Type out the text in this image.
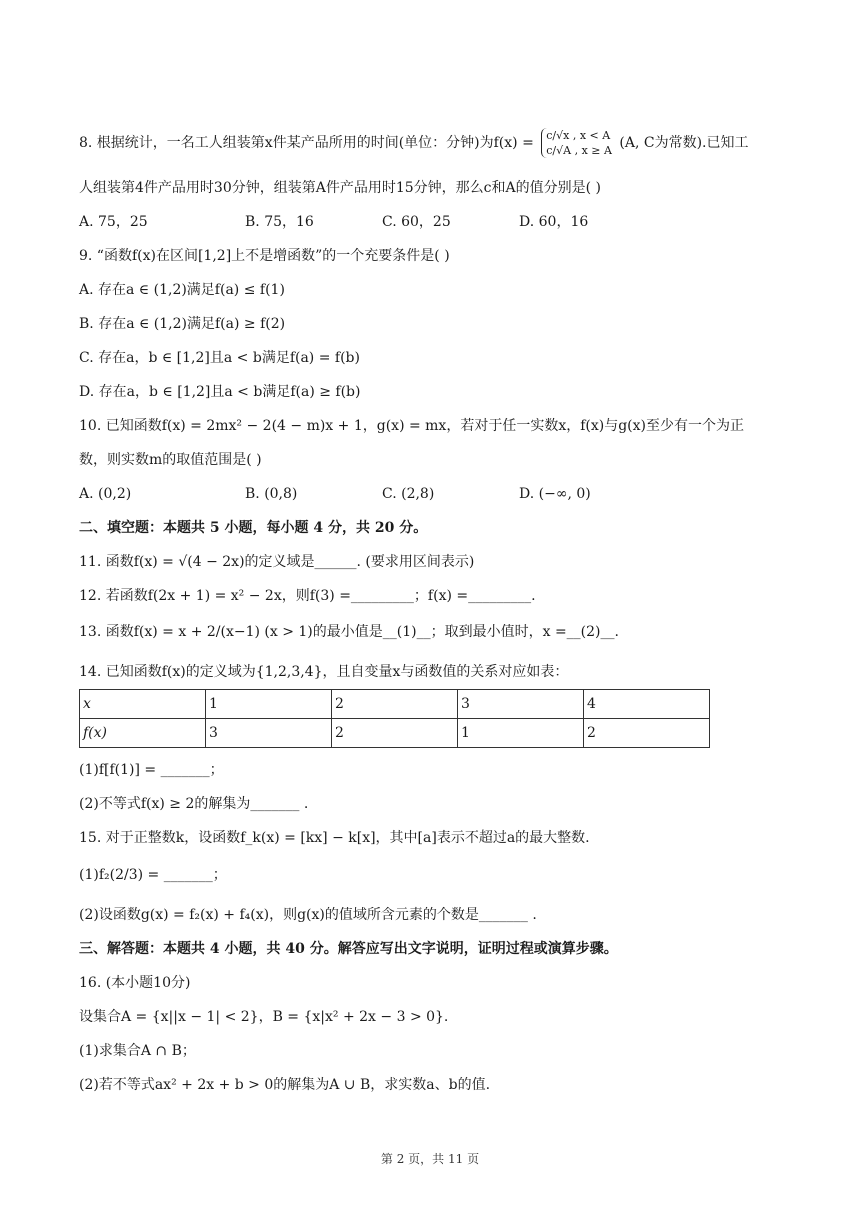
8. 根据统计，一名工人组装第x件某产品所用的时间(单位：分钟)为f(x) = c/√x , x < A
c/√A , x ≥ A (A, C为常数).已知工
人组装第4件产品用时30分钟，组装第A件产品用时15分钟，那么c和A的值分别是( )
A. 75，25	B. 75，16	C. 60，25	D. 60，16
9. “函数f(x)在区间[1,2]上不是增函数”的一个充要条件是( )
A. 存在a ∈ (1,2)满足f(a) ≤ f(1)
B. 存在a ∈ (1,2)满足f(a) ≥ f(2)
C. 存在a，b ∈ [1,2]且a < b满足f(a) = f(b)
D. 存在a，b ∈ [1,2]且a < b满足f(a) ≥ f(b)
10. 已知函数f(x) = 2mx² − 2(4 − m)x + 1，g(x) = mx，若对于任一实数x，f(x)与g(x)至少有一个为正
数，则实数m的取值范围是( )
A. (0,2)	B. (0,8)	C. (2,8)	D. (−∞, 0)
二、填空题：本题共 5 小题，每小题 4 分，共 20 分。
11. 函数f(x) = √(4 − 2x)的定义域是______. (要求用区间表示)
12. 若函数f(2x + 1) = x² − 2x，则f(3) =_________；f(x) =_________.
13. 函数f(x) = x + 2/(x−1) (x > 1)的最小值是__(1)__；取到最小值时，x =__(2)__.
14. 已知函数f(x)的定义域为{1,2,3,4}，且自变量x与函数值的关系对应如表：
x	1	2	3	4
f(x)	3	2	1	2
(1)f[f(1)] = _______；
(2)不等式f(x) ≥ 2的解集为_______ .
15. 对于正整数k，设函数f_k(x) = [kx] − k[x]，其中[a]表示不超过a的最大整数.
(1)f₂(2/3) = _______；
(2)设函数g(x) = f₂(x) + f₄(x)，则g(x)的值域所含元素的个数是_______ .
三、解答题：本题共 4 小题，共 40 分。解答应写出文字说明，证明过程或演算步骤。
16. (本小题10分)
设集合A = {x||x − 1| < 2}，B = {x|x² + 2x − 3 > 0}.
(1)求集合A ∩ B；
(2)若不等式ax² + 2x + b > 0的解集为A ∪ B，求实数a、b的值.
第 2 页，共 11 页
